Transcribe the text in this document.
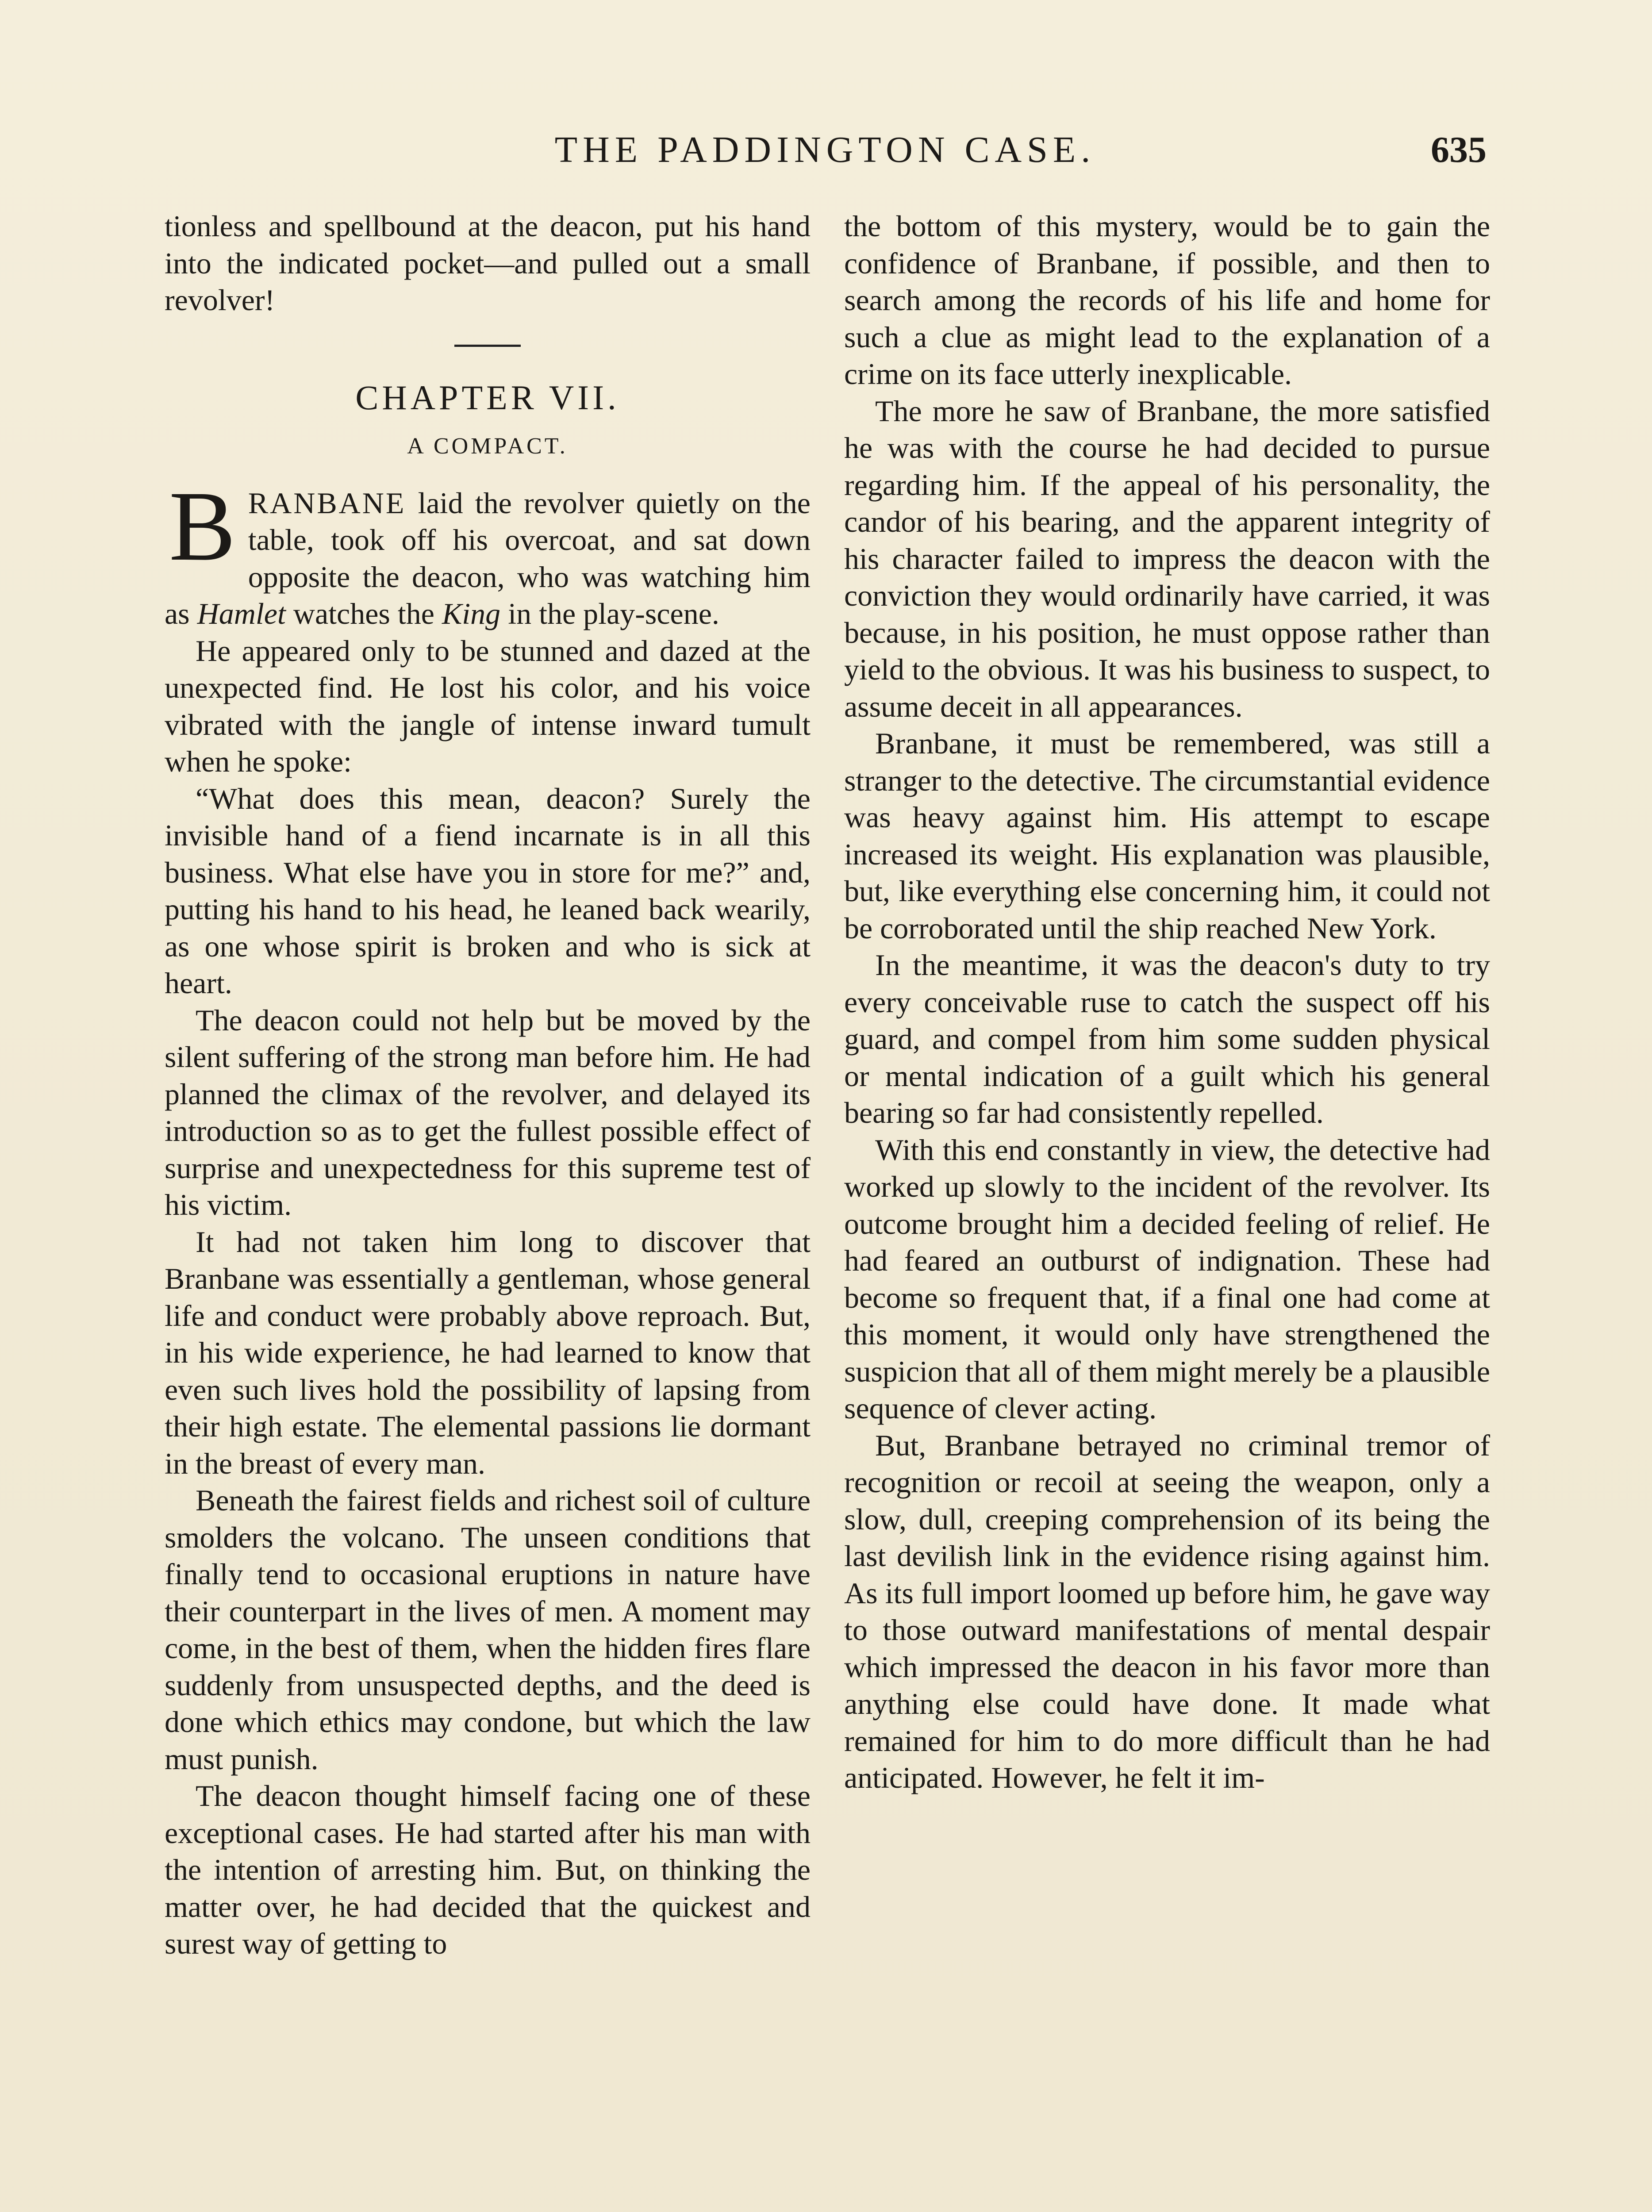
THE PADDINGTON CASE.	635

tionless and spellbound at the deacon, put his hand into the indicated pocket—and pulled out a small revolver!

CHAPTER VII.
A COMPACT.

BRANBANE laid the revolver quietly on the table, took off his overcoat, and sat down opposite the deacon, who was watching him as Hamlet watches the King in the play-scene.

He appeared only to be stunned and dazed at the unexpected find. He lost his color, and his voice vibrated with the jangle of intense inward tumult when he spoke:

“What does this mean, deacon? Surely the invisible hand of a fiend incarnate is in all this business. What else have you in store for me?” and, putting his hand to his head, he leaned back wearily, as one whose spirit is broken and who is sick at heart.

The deacon could not help but be moved by the silent suffering of the strong man before him. He had planned the climax of the revolver, and delayed its introduction so as to get the fullest possible effect of surprise and unexpectedness for this supreme test of his victim.

It had not taken him long to discover that Branbane was essentially a gentleman, whose general life and conduct were probably above reproach. But, in his wide experience, he had learned to know that even such lives hold the possibility of lapsing from their high estate. The elemental passions lie dormant in the breast of every man.

Beneath the fairest fields and richest soil of culture smolders the volcano. The unseen conditions that finally tend to occasional eruptions in nature have their counterpart in the lives of men. A moment may come, in the best of them, when the hidden fires flare suddenly from unsuspected depths, and the deed is done which ethics may condone, but which the law must punish.

The deacon thought himself facing one of these exceptional cases. He had started after his man with the intention of arresting him. But, on thinking the matter over, he had decided that the quickest and surest way of getting to

the bottom of this mystery, would be to gain the confidence of Branbane, if possible, and then to search among the records of his life and home for such a clue as might lead to the explanation of a crime on its face utterly inexplicable.

The more he saw of Branbane, the more satisfied he was with the course he had decided to pursue regarding him. If the appeal of his personality, the candor of his bearing, and the apparent integrity of his character failed to impress the deacon with the conviction they would ordinarily have carried, it was because, in his position, he must oppose rather than yield to the obvious. It was his business to suspect, to assume deceit in all appearances.

Branbane, it must be remembered, was still a stranger to the detective. The circumstantial evidence was heavy against him. His attempt to escape increased its weight. His explanation was plausible, but, like everything else concerning him, it could not be corroborated until the ship reached New York.

In the meantime, it was the deacon's duty to try every conceivable ruse to catch the suspect off his guard, and compel from him some sudden physical or mental indication of a guilt which his general bearing so far had consistently repelled.

With this end constantly in view, the detective had worked up slowly to the incident of the revolver. Its outcome brought him a decided feeling of relief. He had feared an outburst of indignation. These had become so frequent that, if a final one had come at this moment, it would only have strengthened the suspicion that all of them might merely be a plausible sequence of clever acting.

But, Branbane betrayed no criminal tremor of recognition or recoil at seeing the weapon, only a slow, dull, creeping comprehension of its being the last devilish link in the evidence rising against him. As its full import loomed up before him, he gave way to those outward manifestations of mental despair which impressed the deacon in his favor more than anything else could have done. It made what remained for him to do more difficult than he had anticipated. However, he felt it im-
